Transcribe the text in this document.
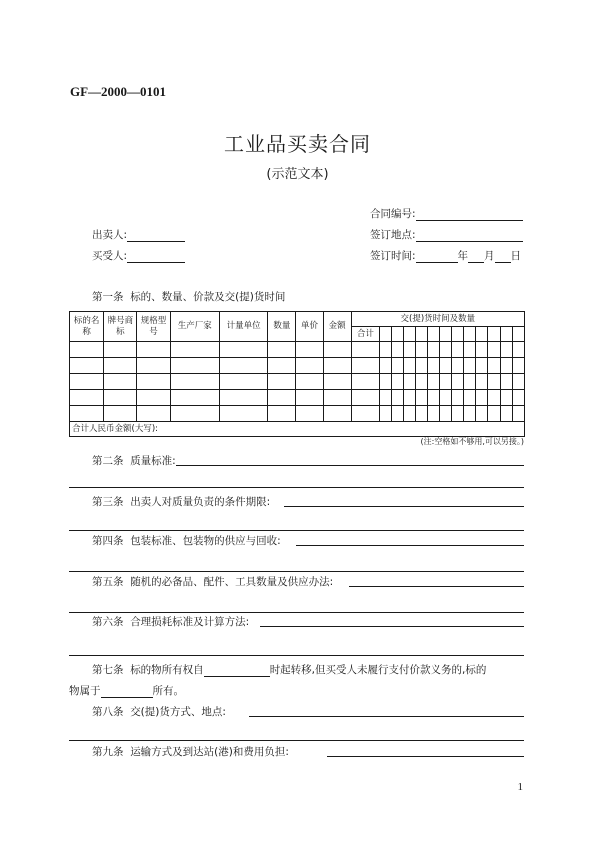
GF—2000—0101
工业品买卖合同
(示范文本)
合同编号:
出卖人:	签订地点:
买受人:	签订时间:	年 月 日
第一条 标的、数量、价款及交(提)货时间
标的名称	牌号商标	规格型号	生产厂家	计量单位	数量	单价	金额	交(提)货时间及数量												
								合计												

合计人民币金额(大写):																				
(注:空格如不够用,可以另接。)
第二条 质量标准:
第三条 出卖人对质量负责的条件期限:
第四条 包装标准、包装物的供应与回收:
第五条 随机的必备品、配件、工具数量及供应办法:
第六条 合理损耗标准及计算方法:
第七条 标的物所有权自	时起转移,但买受人未履行支付价款义务的,标的
物属于	所有。
第八条 交(提)货方式、地点:
第九条 运输方式及到达站(港)和费用负担:
1
